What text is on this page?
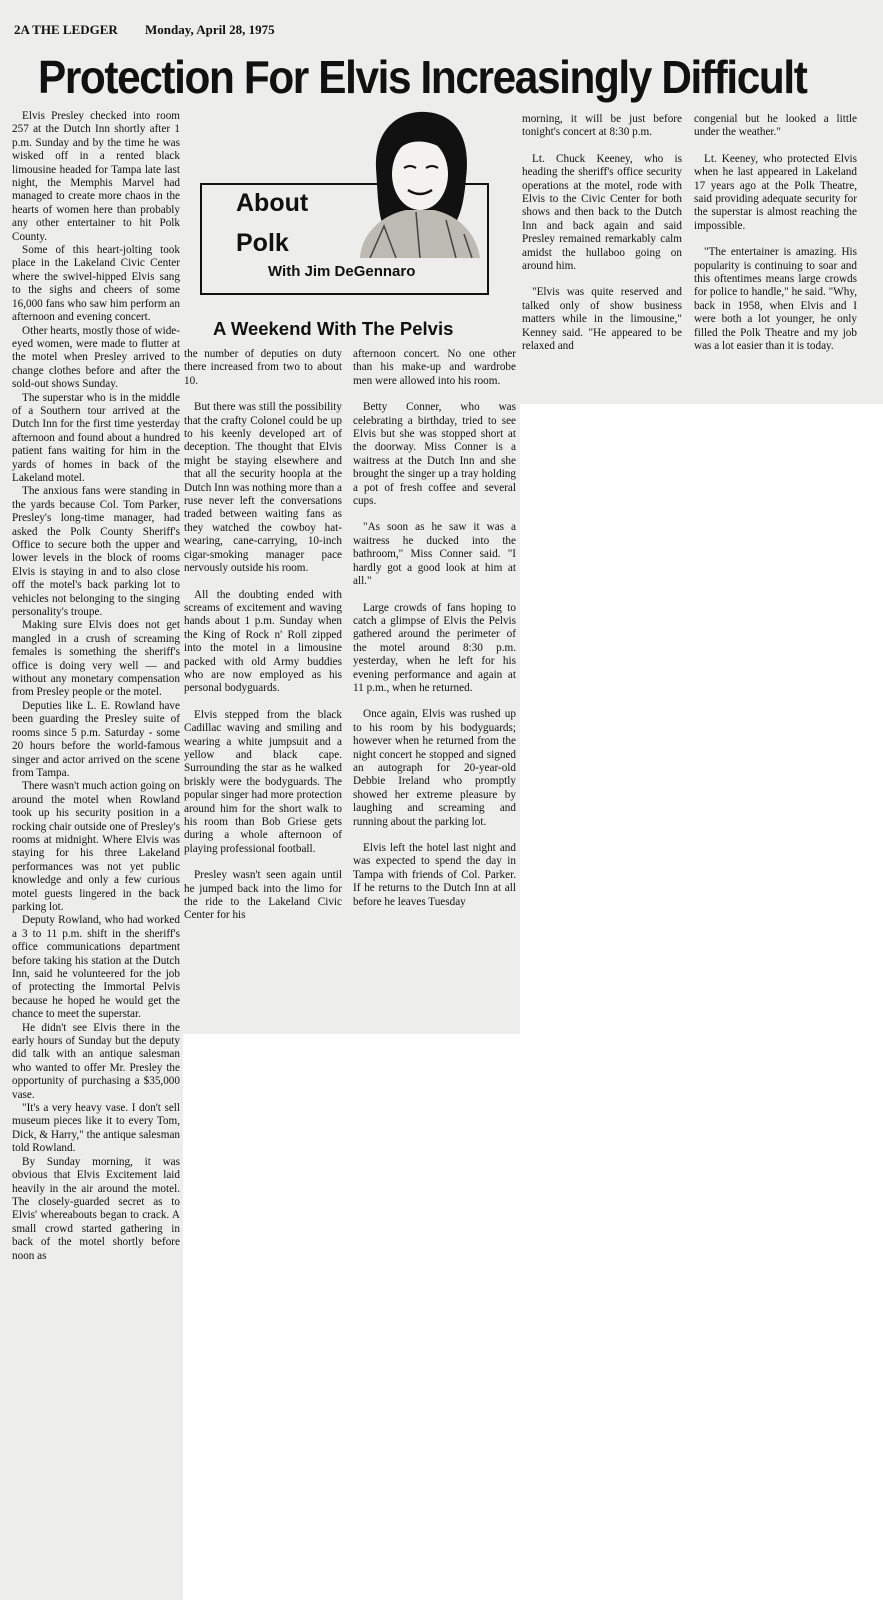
2A THE LEDGER Monday, April 28, 1975
Protection For Elvis Increasingly Difficult

Elvis Presley checked into room 257 at the Dutch Inn shortly after 1 p.m. Sunday and by the time he was wisked off in a rented black limousine headed for Tampa late last night, the Memphis Marvel had managed to create more chaos in the hearts of women here than probably any other entertainer to hit Polk County.

Some of this heart-jolting took place in the Lakeland Civic Center where the swivel-hipped Elvis sang to the sighs and cheers of some 16,000 fans who saw him perform an afternoon and evening concert.

Other hearts, mostly those of wide-eyed women, were made to flutter at the motel when Presley arrived to change clothes before and after the sold-out shows Sunday.

The superstar who is in the middle of a Southern tour arrived at the Dutch Inn for the first time yesterday afternoon and found about a hundred patient fans waiting for him in the yards of homes in back of the Lakeland motel.

The anxious fans were standing in the yards because Col. Tom Parker, Presley's long-time manager, had asked the Polk County Sheriff's Office to secure both the upper and lower levels in the block of rooms Elvis is staying in and to also close off the motel's back parking lot to vehicles not belonging to the singing personality's troupe.

Making sure Elvis does not get mangled in a crush of screaming females is something the sheriff's office is doing very well — and without any monetary compensation from Presley people or the motel.

Deputies like L. E. Rowland have been guarding the Presley suite of rooms since 5 p.m. Saturday - some 20 hours before the world-famous singer and actor arrived on the scene from Tampa.

There wasn't much action going on around the motel when Rowland took up his security position in a rocking chair outside one of Presley's rooms at midnight. Where Elvis was staying for his three Lakeland performances was not yet public knowledge and only a few curious motel guests lingered in the back parking lot.

Deputy Rowland, who had worked a 3 to 11 p.m. shift in the sheriff's office communications department before taking his station at the Dutch Inn, said he volunteered for the job of protecting the Immortal Pelvis because he hoped he would get the chance to meet the superstar.

He didn't see Elvis there in the early hours of Sunday but the deputy did talk with an antique salesman who wanted to offer Mr. Presley the opportunity of purchasing a $35,000 vase.

"It's a very heavy vase. I don't sell museum pieces like it to every Tom, Dick, & Harry," the antique salesman told Rowland.

By Sunday morning, it was obvious that Elvis Excitement laid heavily in the air around the motel. The closely-guarded secret as to Elvis' whereabouts began to crack. A small crowd started gathering in back of the motel shortly before noon as

About
Polk
With Jim DeGennaro
A Weekend With The Pelvis

the number of deputies on duty there increased from two to about 10.

But there was still the possibility that the crafty Colonel could be up to his keenly developed art of deception. The thought that Elvis might be staying elsewhere and that all the security hoopla at the Dutch Inn was nothing more than a ruse never left the conversations traded between waiting fans as they watched the cowboy hat-wearing, cane-carrying, 10-inch cigar-smoking manager pace nervously outside his room.

All the doubting ended with screams of excitement and waving hands about 1 p.m. Sunday when the King of Rock n' Roll zipped into the motel in a limousine packed with old Army buddies who are now employed as his personal bodyguards.

Elvis stepped from the black Cadillac waving and smiling and wearing a white jumpsuit and a yellow and black cape. Surrounding the star as he walked briskly were the bodyguards. The popular singer had more protection around him for the short walk to his room than Bob Griese gets during a whole afternoon of playing professional football.

Presley wasn't seen again until he jumped back into the limo for the ride to the Lakeland Civic Center for his

afternoon concert. No one other than his make-up and wardrobe men were allowed into his room.

Betty Conner, who was celebrating a birthday, tried to see Elvis but she was stopped short at the doorway. Miss Conner is a waitress at the Dutch Inn and she brought the singer up a tray holding a pot of fresh coffee and several cups.

"As soon as he saw it was a waitress he ducked into the bathroom," Miss Conner said. "I hardly got a good look at him at all."

Large crowds of fans hoping to catch a glimpse of Elvis the Pelvis gathered around the perimeter of the motel around 8:30 p.m. yesterday, when he left for his evening performance and again at 11 p.m., when he returned.

Once again, Elvis was rushed up to his room by his bodyguards; however when he returned from the night concert he stopped and signed an autograph for 20-year-old Debbie Ireland who promptly showed her extreme pleasure by laughing and screaming and running about the parking lot.

Elvis left the hotel last night and was expected to spend the day in Tampa with friends of Col. Parker. If he returns to the Dutch Inn at all before he leaves Tuesday

morning, it will be just before tonight's concert at 8:30 p.m.

Lt. Chuck Keeney, who is heading the sheriff's office security operations at the motel, rode with Elvis to the Civic Center for both shows and then back to the Dutch Inn and back again and said Presley remained remarkably calm amidst the hullaboo going on around him.

"Elvis was quite reserved and talked only of show business matters while in the limousine," Kenney said. "He appeared to be relaxed and

congenial but he looked a little under the weather."

Lt. Keeney, who protected Elvis when he last appeared in Lakeland 17 years ago at the Polk Theatre, said providing adequate security for the superstar is almost reaching the impossible.

"The entertainer is amazing. His popularity is continuing to soar and this oftentimes means large crowds for police to handle," he said. "Why, back in 1958, when Elvis and I were both a lot younger, he only filled the Polk Theatre and my job was a lot easier than it is today.
